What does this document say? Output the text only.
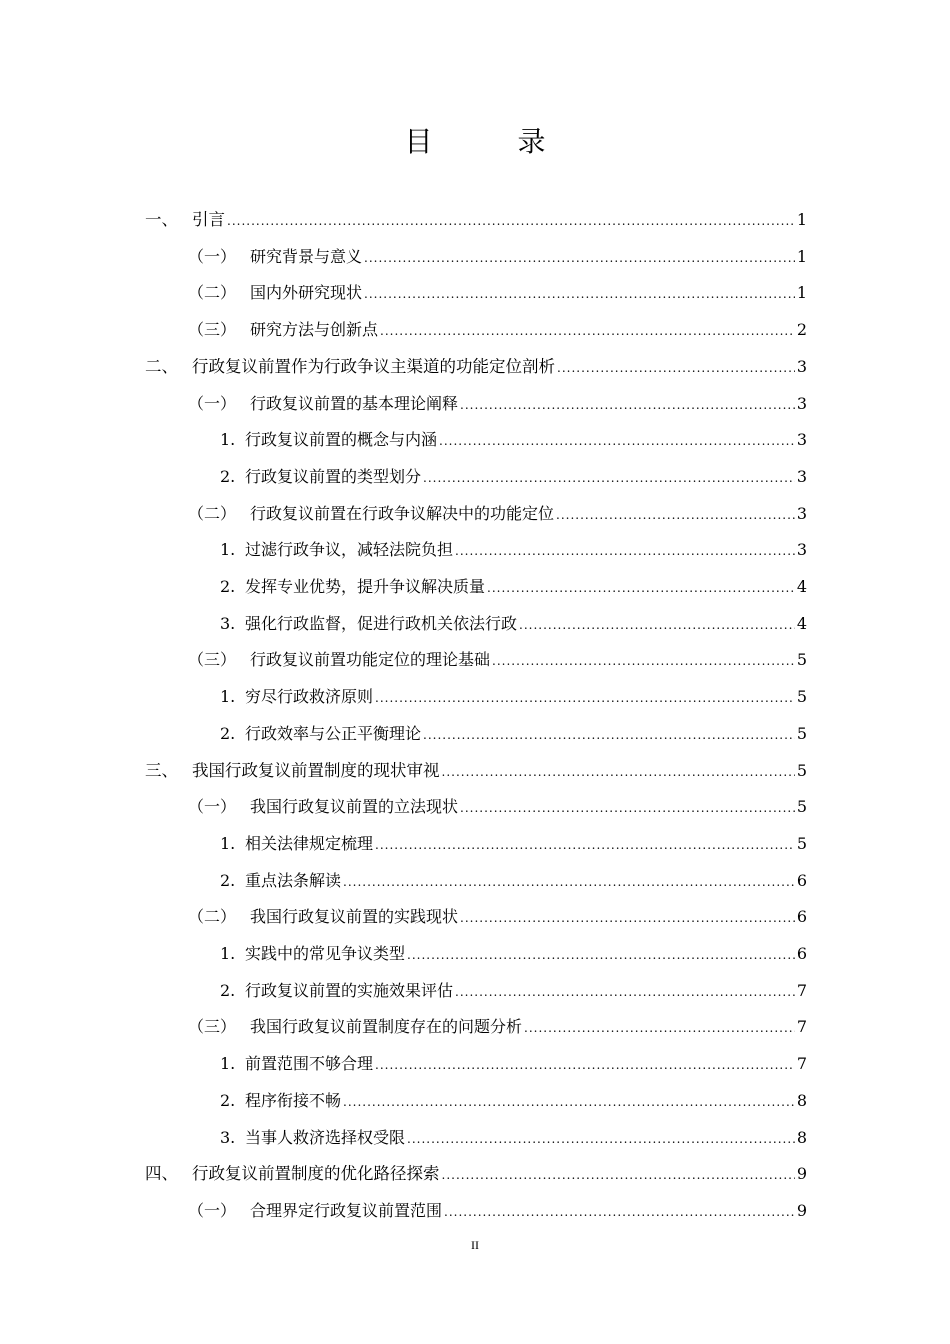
目 录
一、 引言 .....	1
（一） 研究背景与意义 .....	1
（二） 国内外研究现状 .....	1
（三） 研究方法与创新点 .....	2
二、 行政复议前置作为行政争议主渠道的功能定位剖析 .....	3
（一） 行政复议前置的基本理论阐释 .....	3
1. 行政复议前置的概念与内涵 .....	3
2. 行政复议前置的类型划分 .....	3
（二） 行政复议前置在行政争议解决中的功能定位 .....	3
1. 过滤行政争议，减轻法院负担 .....	3
2. 发挥专业优势，提升争议解决质量 .....	4
3. 强化行政监督，促进行政机关依法行政 .....	4
（三） 行政复议前置功能定位的理论基础 .....	5
1. 穷尽行政救济原则 .....	5
2. 行政效率与公正平衡理论 .....	5
三、 我国行政复议前置制度的现状审视 .....	5
（一） 我国行政复议前置的立法现状 .....	5
1. 相关法律规定梳理 .....	5
2. 重点法条解读 .....	6
（二） 我国行政复议前置的实践现状 .....	6
1. 实践中的常见争议类型 .....	6
2. 行政复议前置的实施效果评估 .....	7
（三） 我国行政复议前置制度存在的问题分析 .....	7
1. 前置范围不够合理 .....	7
2. 程序衔接不畅 .....	8
3. 当事人救济选择权受限 .....	8
四、 行政复议前置制度的优化路径探索 .....	9
（一） 合理界定行政复议前置范围 .....	9
II
